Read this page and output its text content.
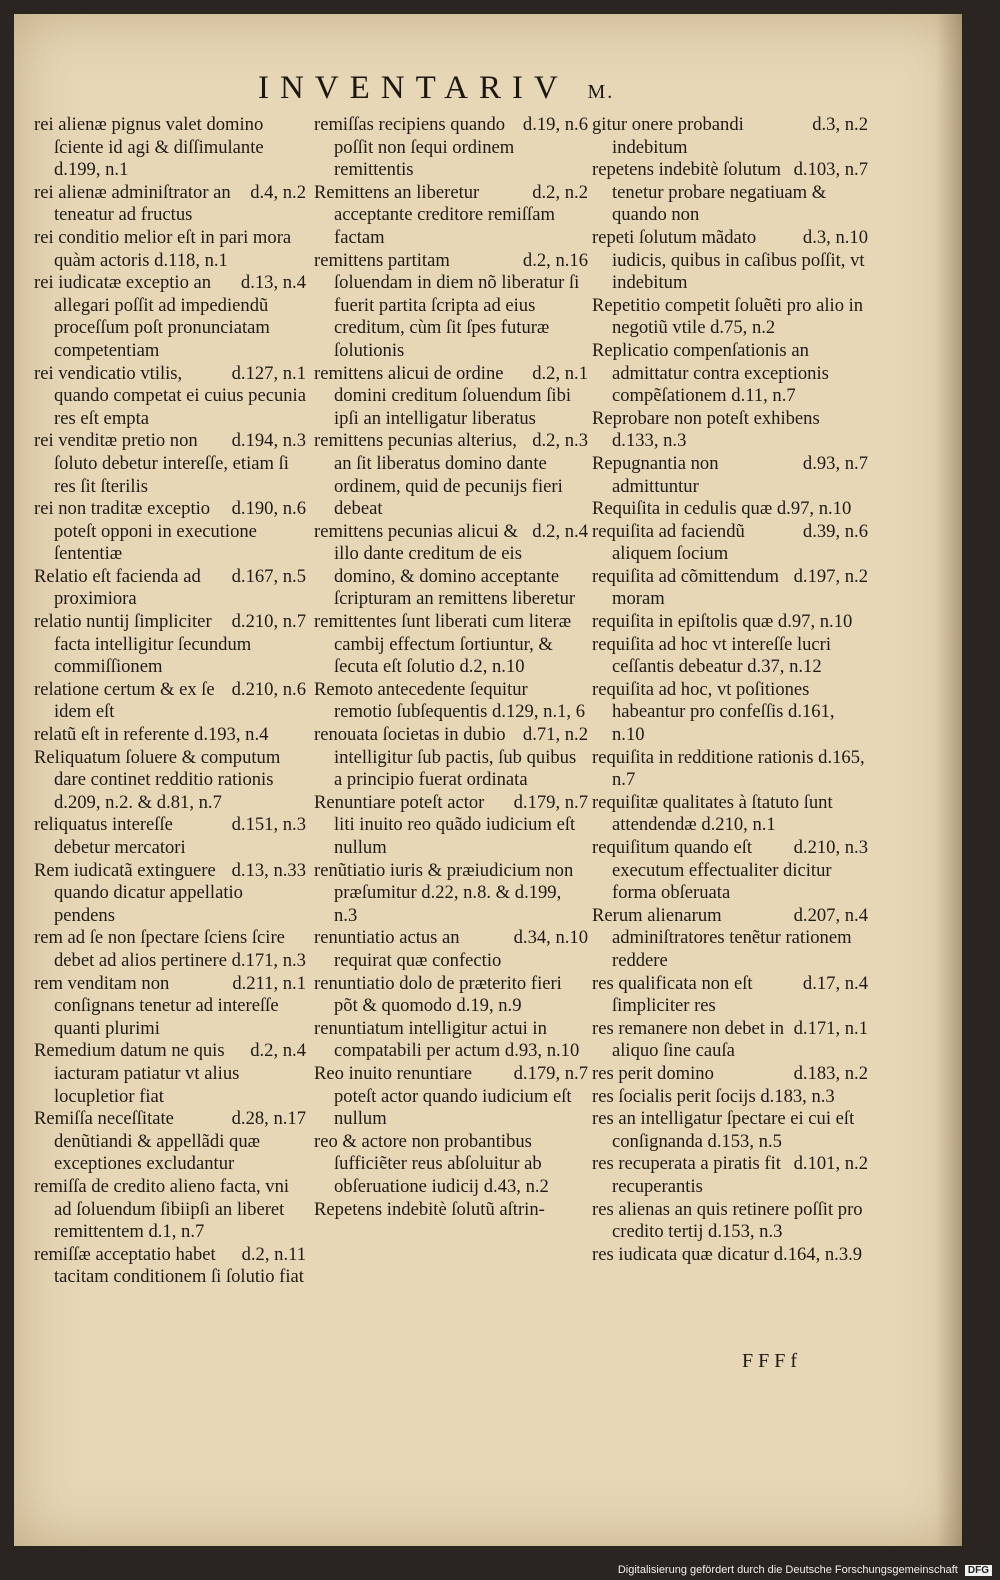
INVENTARIV M.

rei alienæ pignus valet domino ſciente id agi & diſſimulante d.199, n.1

d.4, n.2
rei alienæ adminiſtrator an teneatur ad fructus

rei conditio melior eſt in pari mora quàm actoris d.118, n.1

d.13, n.4
rei iudicatæ exceptio an allegari poſſit ad impediendũ proceſſum poſt pronunciatam competentiam

d.127, n.1
rei vendicatio vtilis, quando competat ei cuius pecunia res eſt empta

d.194, n.3
rei venditæ pretio non ſoluto debetur intereſſe, etiam ſi res ſit ſterilis

d.190, n.6
rei non traditæ exceptio poteſt opponi in executione ſententiæ

d.167, n.5
Relatio eſt facienda ad proximiora

d.210, n.7
relatio nuntij ſimpliciter facta intelligitur ſecundum commiſſionem

d.210, n.6
relatione certum & ex ſe idem eſt

relatũ eſt in referente d.193, n.4

Reliquatum ſoluere & computum dare continet redditio rationis d.209, n.2. & d.81, n.7

d.151, n.3
reliquatus intereſſe debetur mercatori

d.13, n.33
Rem iudicatã extinguere quando dicatur appellatio pendens

rem ad ſe non ſpectare ſciens ſcire debet ad alios pertinere d.171, n.3

d.211, n.1
rem venditam non conſignans tenetur ad intereſſe quanti plurimi

d.2, n.4
Remedium datum ne quis iacturam patiatur vt alius locupletior fiat

d.28, n.17
Remiſſa neceſſitate denũtiandi & appellãdi quæ exceptiones excludantur

remiſſa de credito alieno facta, vni ad ſoluendum ſibiipſi an liberet remittentem d.1, n.7

d.2, n.11
remiſſæ acceptatio habet tacitam conditionem ſi ſolutio fiat

d.19, n.6
remiſſas recipiens quando poſſit non ſequi ordinem remittentis

d.2, n.2
Remittens an liberetur acceptante creditore remiſſam factam

d.2, n.16
remittens partitam ſoluendam in diem nõ liberatur ſi fuerit partita ſcripta ad eius creditum, cùm ſit ſpes futuræ ſolutionis

d.2, n.1
remittens alicui de ordine domini creditum ſoluendum ſibi ipſi an intelligatur liberatus

d.2, n.3
remittens pecunias alterius, an ſit liberatus domino dante ordinem, quid de pecunijs fieri debeat

d.2, n.4
remittens pecunias alicui & illo dante creditum de eis domino, & domino acceptante ſcripturam an remittens liberetur

remittentes ſunt liberati cum literæ cambij effectum ſortiuntur, & ſecuta eſt ſolutio d.2, n.10

Remoto antecedente ſequitur remotio ſubſequentis d.129, n.1, 6

d.71, n.2
renouata ſocietas in dubio intelligitur ſub pactis, ſub quibus a principio fuerat ordinata

d.179, n.7
Renuntiare poteſt actor liti inuito reo quãdo iudicium eſt nullum

renũtiatio iuris & præiudicium non præſumitur d.22, n.8. & d.199, n.3

d.34, n.10
renuntiatio actus an requirat quæ confectio

renuntiatio dolo de præterito fieri põt & quomodo d.19, n.9

renuntiatum intelligitur actui in compatabili per actum d.93, n.10

d.179, n.7
Reo inuito renuntiare poteſt actor quando iudicium eſt nullum

reo & actore non probantibus ſufficiẽter reus abſoluitur ab obſeruatione iudicij d.43, n.2

Repetens indebitè ſolutũ aſtrin-

d.3, n.2
gitur onere probandi indebitum

d.103, n.7
repetens indebitè ſolutum tenetur probare negatiuam & quando non

d.3, n.10
repeti ſolutum mãdato iudicis, quibus in caſibus poſſit, vt indebitum

Repetitio competit ſoluẽti pro alio in negotiũ vtile d.75, n.2

Replicatio compenſationis an admittatur contra exceptionis compẽſationem d.11, n.7

Reprobare non poteſt exhibens d.133, n.3

d.93, n.7
Repugnantia non admittuntur

Requiſita in cedulis quæ d.97, n.10

d.39, n.6
requiſita ad faciendũ aliquem ſocium

d.197, n.2
requiſita ad cõmittendum moram

requiſita in epiſtolis quæ d.97, n.10

requiſita ad hoc vt intereſſe lucri ceſſantis debeatur d.37, n.12

requiſita ad hoc, vt poſitiones habeantur pro confeſſis d.161, n.10

requiſita in redditione rationis d.165, n.7

requiſitæ qualitates à ſtatuto ſunt attendendæ d.210, n.1

d.210, n.3
requiſitum quando eſt executum effectualiter dicitur forma obſeruata

d.207, n.4
Rerum alienarum adminiſtratores tenẽtur rationem reddere

d.17, n.4
res qualificata non eſt ſimpliciter res

d.171, n.1
res remanere non debet in aliquo ſine cauſa

d.183, n.2
res perit domino

res ſocialis perit ſocijs d.183, n.3

res an intelligatur ſpectare ei cui eſt conſignanda d.153, n.5

d.101, n.2
res recuperata a piratis fit recuperantis

res alienas an quis retinere poſſit pro credito tertij d.153, n.3

res iudicata quæ dicatur d.164, n.3.9

FFFf
Digitalisierung gefördert durch die Deutsche Forschungsgemeinschaft DFG
